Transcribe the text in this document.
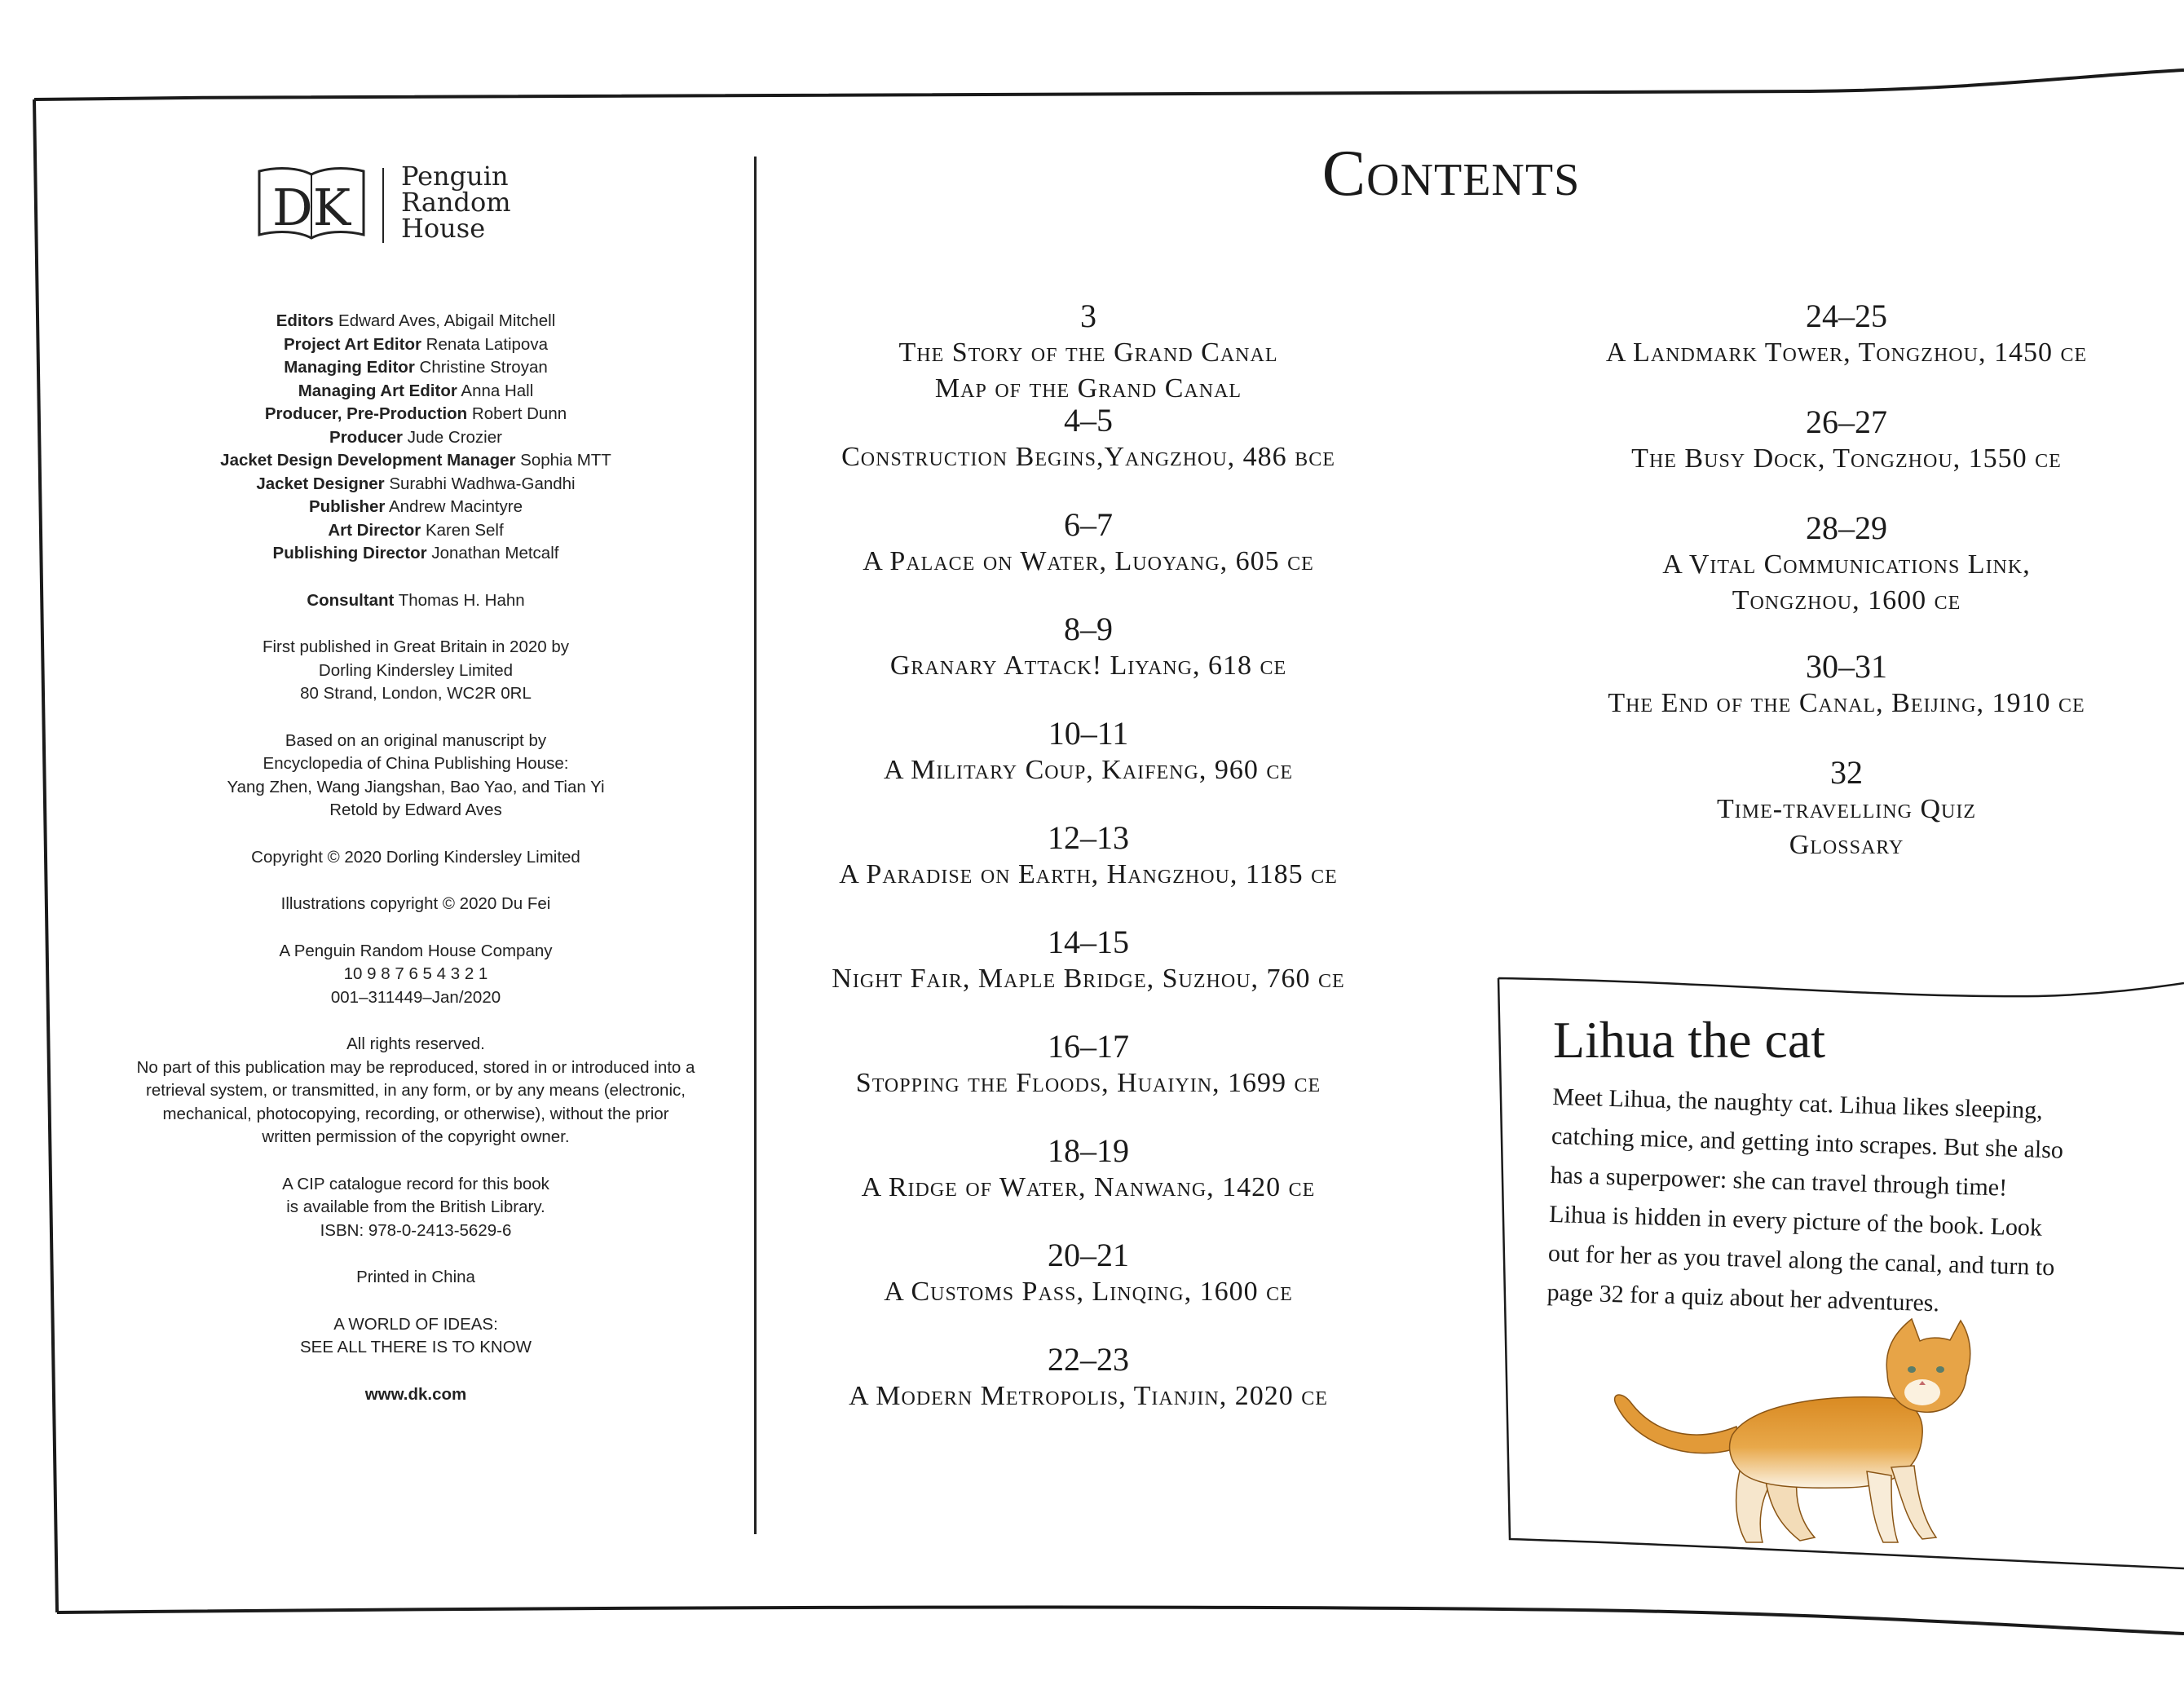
DK
Penguin
Random
House
Editors Edward Aves, Abigail Mitchell
Project Art Editor Renata Latipova
Managing Editor Christine Stroyan
Managing Art Editor Anna Hall
Producer, Pre-Production Robert Dunn
Producer Jude Crozier
Jacket Design Development Manager Sophia MTT
Jacket Designer Surabhi Wadhwa-Gandhi
Publisher Andrew Macintyre
Art Director Karen Self
Publishing Director Jonathan Metcalf
Consultant Thomas H. Hahn
First published in Great Britain in 2020 by
Dorling Kindersley Limited
80 Strand, London, WC2R 0RL
Based on an original manuscript by
Encyclopedia of China Publishing House:
Yang Zhen, Wang Jiangshan, Bao Yao, and Tian Yi
Retold by Edward Aves
Copyright © 2020 Dorling Kindersley Limited
Illustrations copyright © 2020 Du Fei
A Penguin Random House Company
10 9 8 7 6 5 4 3 2 1
001–311449–Jan/2020
All rights reserved.
No part of this publication may be reproduced, stored in or introduced into a
retrieval system, or transmitted, in any form, or by any means (electronic,
mechanical, photocopying, recording, or otherwise), without the prior
written permission of the copyright owner.
A CIP catalogue record for this book
is available from the British Library.
ISBN: 978-0-2413-5629-6
Printed in China
A WORLD OF IDEAS:
SEE ALL THERE IS TO KNOW
www.dk.com
Contents
3
The Story of the Grand Canal
Map of the Grand Canal
4–5
Construction Begins,Yangzhou, 486 bce
6–7
A Palace on Water, Luoyang, 605 ce
8–9
Granary Attack! Liyang, 618 ce
10–11
A Military Coup, Kaifeng, 960 ce
12–13
A Paradise on Earth, Hangzhou, 1185 ce
14–15
Night Fair, Maple Bridge, Suzhou, 760 ce
16–17
Stopping the Floods, Huaiyin, 1699 ce
18–19
A Ridge of Water, Nanwang, 1420 ce
20–21
A Customs Pass, Linqing, 1600 ce
22–23
A Modern Metropolis, Tianjin, 2020 ce
24–25
A Landmark Tower, Tongzhou, 1450 ce
26–27
The Busy Dock, Tongzhou, 1550 ce
28–29
A Vital Communications Link,
Tongzhou, 1600 ce
30–31
The End of the Canal, Beijing, 1910 ce
32
Time-travelling Quiz
Glossary
Lihua the cat
Meet Lihua, the naughty cat. Lihua likes sleeping,
catching mice, and getting into scrapes. But she also
has a superpower: she can travel through time!
Lihua is hidden in every picture of the book. Look
out for her as you travel along the canal, and turn to
page 32 for a quiz about her adventures.
